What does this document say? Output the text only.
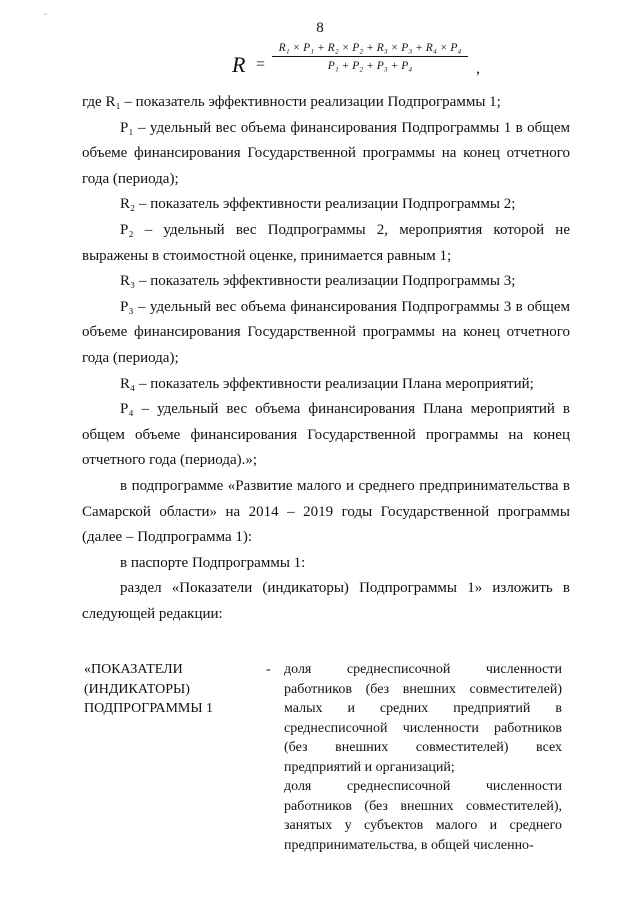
ˇ
8
R =
R₁ × P₁ + R₂ × P₂ + R₃ × P₃ + R₄ × P₄
P₁ + P₂ + P₃ + P₄	,

где R₁ – показатель эффективности реализации Подпрограммы 1;

P₁ – удельный вес объема финансирования Подпрограммы 1 в общем объеме финансирования Государственной программы на конец отчетного года (периода);

R₂ – показатель эффективности реализации Подпрограммы 2;

P₂ – удельный вес Подпрограммы 2, мероприятия которой не выражены в стоимостной оценке, принимается равным 1;

R₃ – показатель эффективности реализации Подпрограммы 3;

P₃ – удельный вес объема финансирования Подпрограммы 3 в общем объеме финансирования Государственной программы на конец отчетного года (периода);

R₄ – показатель эффективности реализации Плана мероприятий;

P₄ – удельный вес объема финансирования Плана мероприятий в общем объеме финансирования Государственной программы на конец отчетного года (периода).»;

в подпрограмме «Развитие малого и среднего предпринимательства в Самарской области» на 2014 – 2019 годы Государственной программы (далее – Подпрограмма 1):

в паспорте Подпрограммы 1:

раздел «Показатели (индикаторы) Подпрограммы 1» изложить в следующей редакции:

«ПОКАЗАТЕЛИ
(ИНДИКАТОРЫ)
ПОДПРОГРАММЫ 1
- доля среднесписочной численности работников (без внешних совместителей) малых и средних предприятий в среднесписочной численности работников (без внешних совместителей) всех предприятий и организаций;

доля среднесписочной численности работников (без внешних совместителей), занятых у субъектов малого и среднего предпринимательства, в общей численно-
